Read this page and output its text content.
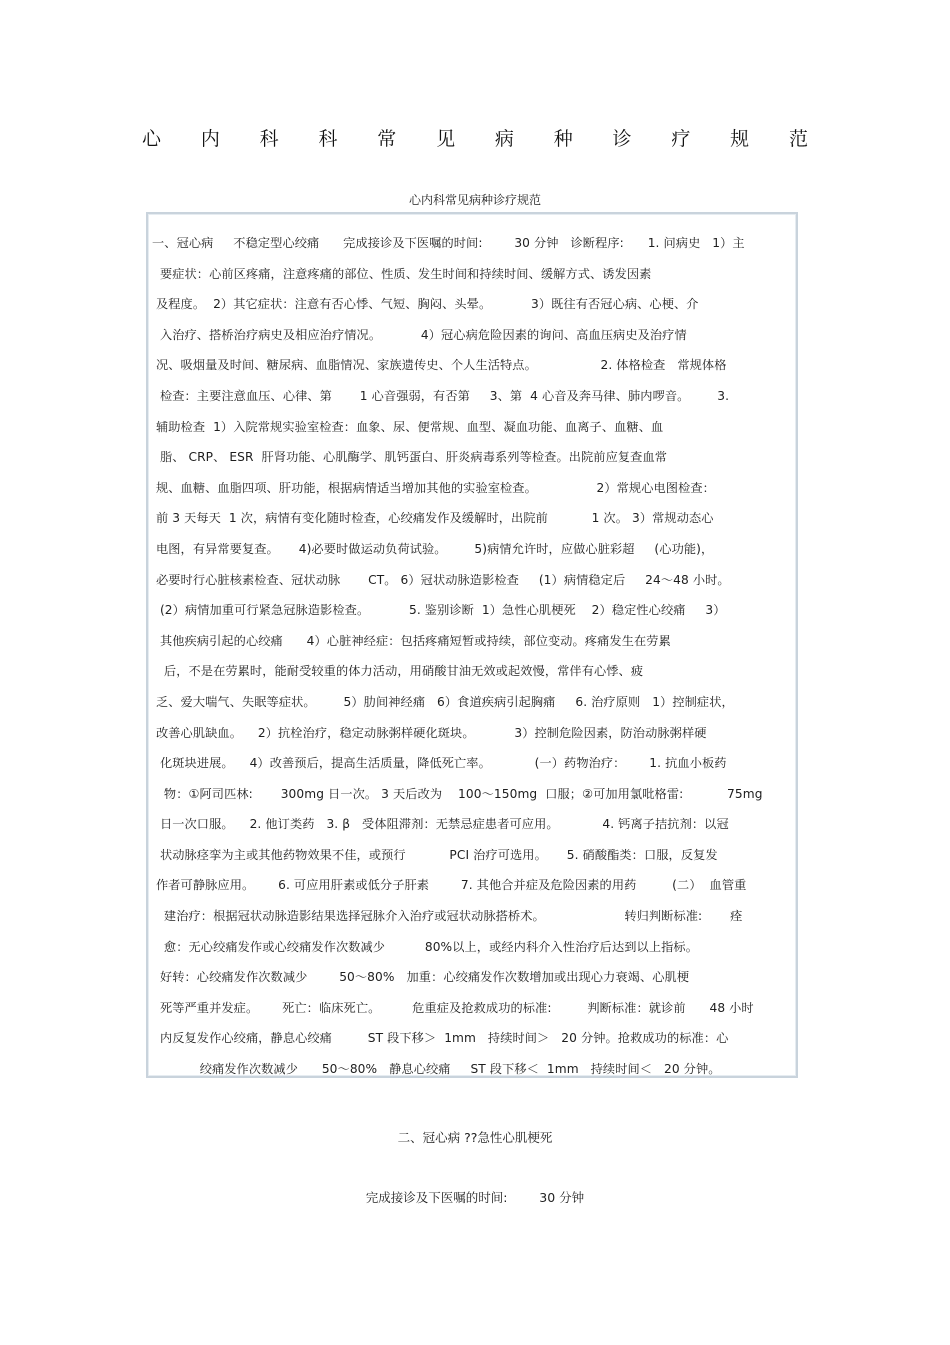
心 内 科 科 常 见 病 种 诊 疗 规 范
心内科常见病种诊疗规范
一、冠心病     不稳定型心绞痛      完成接诊及下医嘱的时间:        30 分钟   诊断程序:      1. 问病史   1）主
要症状：心前区疼痛，注意疼痛的部位、性质、发生时间和持续时间、缓解方式、诱发因素
及程度。  2）其它症状：注意有否心悸、气短、胸闷、头晕。          3）既往有否冠心病、心梗、介
入治疗、搭桥治疗病史及相应治疗情况。          4）冠心病危险因素的询问、高血压病史及治疗情
况、吸烟量及时间、糖尿病、血脂情况、家族遗传史、个人生活特点。                2. 体格检查   常规体格
检查：主要注意血压、心律、第       1 心音强弱，有否第     3、第  4 心音及奔马律、肺内啰音。       3.
辅助检查  1）入院常规实验室检查：血象、尿、便常规、血型、凝血功能、血离子、血糖、血
脂、 CRP、 ESR  肝肾功能、心肌酶学、肌钙蛋白、肝炎病毒系列等检查。出院前应复查血常
规、血糖、血脂四项、肝功能，根据病情适当增加其他的实验室检查。               2）常规心电图检查：
前 3 天每天  1 次，病情有变化随时检查，心绞痛发作及缓解时，出院前           1 次。 3）常规动态心
电图，有异常要复查。     4)必要时做运动负荷试验。       5)病情允许时，应做心脏彩超     (心功能)，
必要时行心脏核素检查、冠状动脉       CT。 6）冠状动脉造影检查     (1）病情稳定后     24～48 小时。
(2）病情加重可行紧急冠脉造影检查。          5. 鉴别诊断  1）急性心肌梗死    2）稳定性心绞痛     3）
其他疾病引起的心绞痛      4）心脏神经症：包括疼痛短暂或持续，部位变动。疼痛发生在劳累
后，不是在劳累时，能耐受较重的体力活动，用硝酸甘油无效或起效慢，常伴有心悸、疲
乏、爱大喘气、失眠等症状。       5）肋间神经痛   6）食道疾病引起胸痛     6. 治疗原则   1）控制症状，
改善心肌缺血。    2）抗栓治疗，稳定动脉粥样硬化斑块。          3）控制危险因素，防治动脉粥样硬
化斑块进展。    4）改善预后，提高生活质量，降低死亡率。           (一）药物治疗：      1. 抗血小板药
物：①阿司匹林:       300mg 日一次。 3 天后改为    100～150mg  口服；②可加用氯吡格雷:           75mg
日一次口服。    2. 他订类药   3. β   受体阻滞剂：无禁忌症患者可应用。           4. 钙离子拮抗剂：以冠
状动脉痉挛为主或其他药物效果不佳，或预行           PCI 治疗可选用。     5. 硝酸酯类：口服，反复发
作者可静脉应用。      6. 可应用肝素或低分子肝素        7. 其他合并症及危险因素的用药         (二）  血管重
建治疗：根据冠状动脉造影结果选择冠脉介入治疗或冠状动脉搭桥术。                    转归判断标准:       痊
愈：无心绞痛发作或心绞痛发作次数减少          80%以上，或经内科介入性治疗后达到以上指标。
好转：心绞痛发作次数减少        50～80%   加重：心绞痛发作次数增加或出现心力衰竭、心肌梗
死等严重并发症。      死亡：临床死亡。        危重症及抢救成功的标准:         判断标准：就诊前      48 小时
内反复发作心绞痛，静息心绞痛         ST 段下移＞  1mm   持续时间＞   20 分钟。抢救成功的标准：心
绞痛发作次数减少      50～80%   静息心绞痛     ST 段下移＜  1mm   持续时间＜   20 分钟。
二、冠心病 ??急性心肌梗死
完成接诊及下医嘱的时间:        30 分钟
